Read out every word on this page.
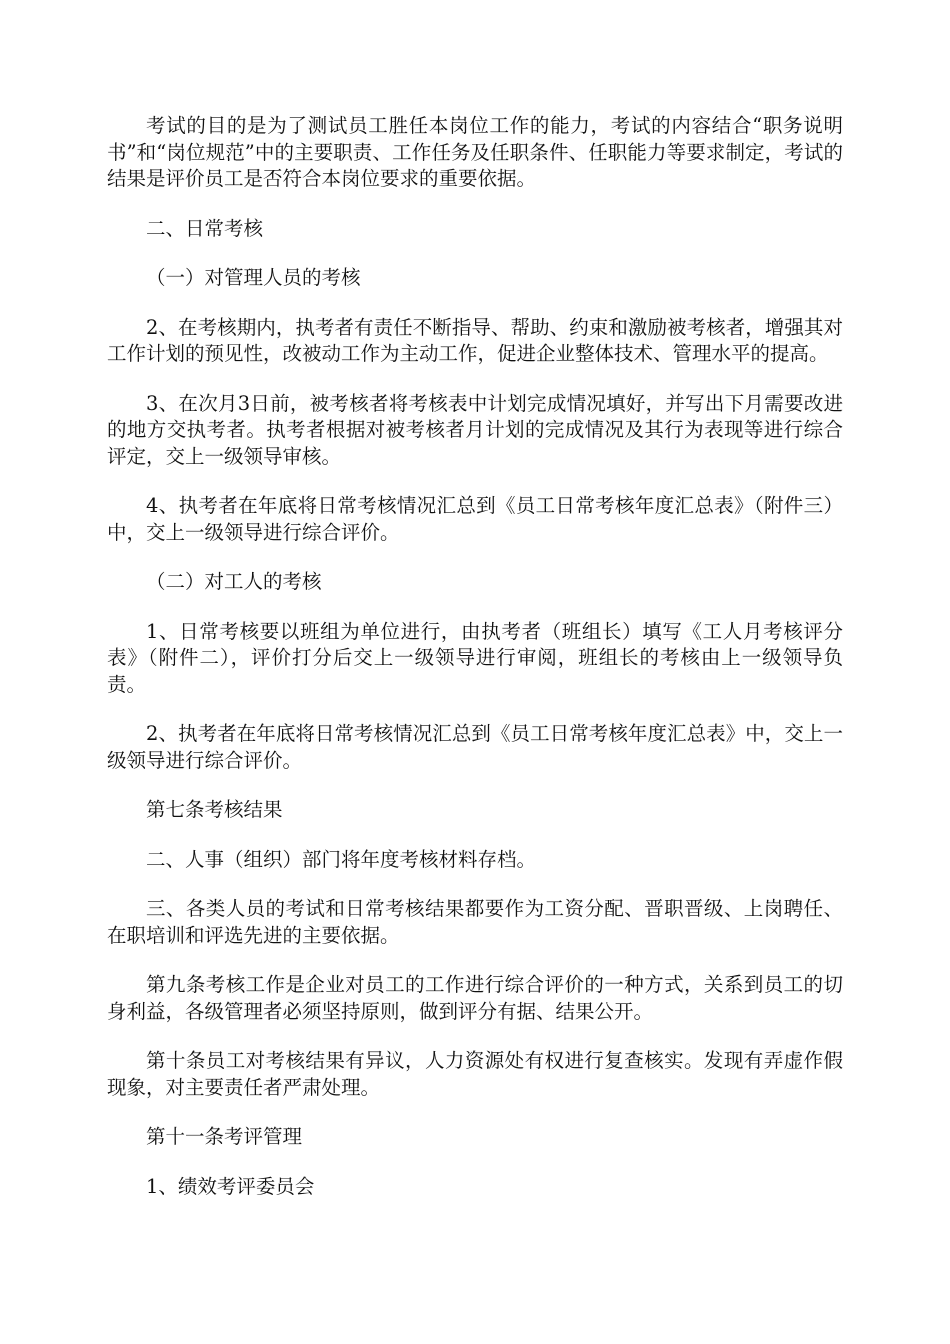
考试的目的是为了测试员工胜任本岗位工作的能力，考试的内容结合“职务说明书”和“岗位规范”中的主要职责、工作任务及任职条件、任职能力等要求制定，考试的结果是评价员工是否符合本岗位要求的重要依据。

二、日常考核

（一）对管理人员的考核

2、在考核期内，执考者有责任不断指导、帮助、约束和激励被考核者，增强其对工作计划的预见性，改被动工作为主动工作，促进企业整体技术、管理水平的提高。

3、在次月3日前，被考核者将考核表中计划完成情况填好，并写出下月需要改进的地方交执考者。执考者根据对被考核者月计划的完成情况及其行为表现等进行综合评定，交上一级领导审核。

4、执考者在年底将日常考核情况汇总到《员工日常考核年度汇总表》（附件三）中，交上一级领导进行综合评价。

（二）对工人的考核

1、日常考核要以班组为单位进行，由执考者（班组长）填写《工人月考核评分表》（附件二），评价打分后交上一级领导进行审阅，班组长的考核由上一级领导负责。

2、执考者在年底将日常考核情况汇总到《员工日常考核年度汇总表》中，交上一级领导进行综合评价。

第七条考核结果

二、人事（组织）部门将年度考核材料存档。

三、各类人员的考试和日常考核结果都要作为工资分配、晋职晋级、上岗聘任、在职培训和评选先进的主要依据。

第九条考核工作是企业对员工的工作进行综合评价的一种方式，关系到员工的切身利益，各级管理者必须坚持原则，做到评分有据、结果公开。

第十条员工对考核结果有异议，人力资源处有权进行复查核实。发现有弄虚作假现象，对主要责任者严肃处理。

第十一条考评管理

1、绩效考评委员会
